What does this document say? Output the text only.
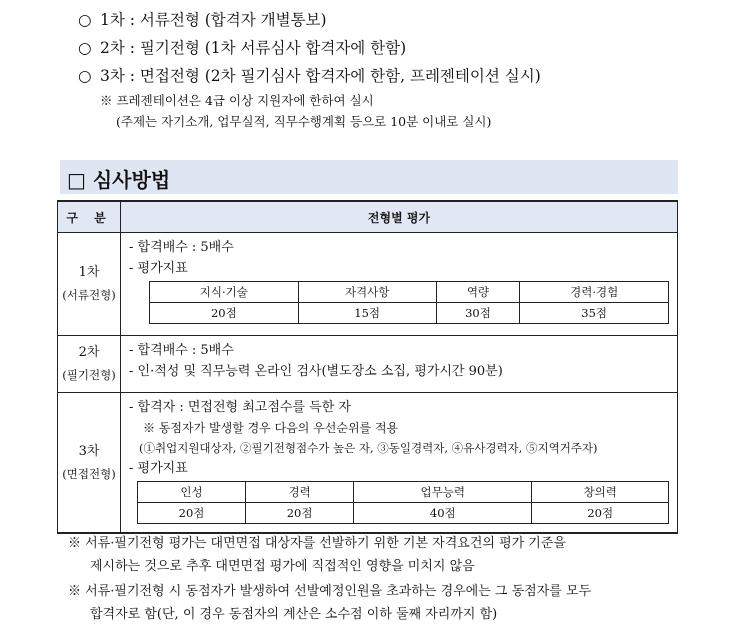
○ 1차 : 서류전형 (합격자 개별통보)
○ 2차 : 필기전형 (1차 서류심사 합격자에 한함)
○ 3차 : 면접전형 (2차 필기심사 합격자에 한함, 프레젠테이션 실시)
※ 프레젠테이션은 4급 이상 지원자에 한하여 실시
(주제는 자기소개, 업무실적, 직무수행계획 등으로 10분 이내로 실시)
□ 심사방법
구 분	전형별 평가

1차
(서류전형)

- 합격배수 : 5배수
- 평가지표
지식·기술	자격사항	역량	경력·경험
20점	15점	30점	35점

2차
(필기전형)

- 합격배수 : 5배수
- 인·적성 및 직무능력 온라인 검사(별도장소 소집, 평가시간 90분)

3차
(면접전형)

- 합격자 : 면접전형 최고점수를 득한 자
※ 동점자가 발생할 경우 다음의 우선순위를 적용
(①취업지원대상자, ②필기전형점수가 높은 자, ③동일경력자, ④유사경력자, ⑤지역거주자)
- 평가지표
인성	경력	업무능력	창의력
20점	20점	40점	20점
※ 서류·필기전형 평가는 대면면접 대상자를 선발하기 위한 기본 자격요건의 평가 기준을
제시하는 것으로 추후 대면면접 평가에 직접적인 영향을 미치지 않음
※ 서류·필기전형 시 동점자가 발생하여 선발예정인원을 초과하는 경우에는 그 동점자를 모두
합격자로 함(단, 이 경우 동점자의 계산은 소수점 이하 둘째 자리까지 함)
